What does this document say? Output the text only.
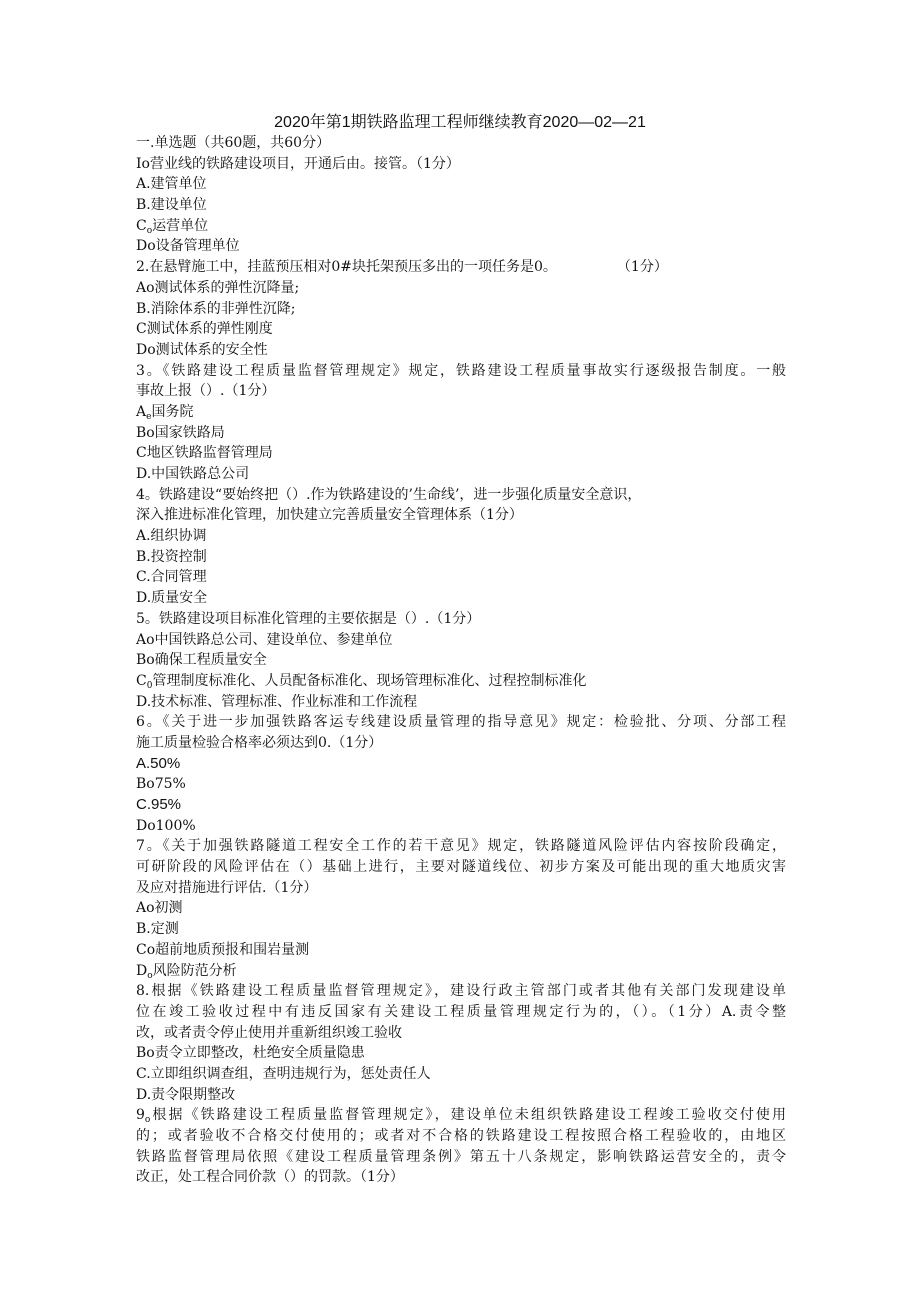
2020年第1期铁路监理工程师继续教育2020—02—21
一.单选题（共60题，共60分）
Io营业线的铁路建设项目，开通后由。接管。（1分）
A.建管单位
B.建设单位
$C_o$运营单位
Do设备管理单位
2.在悬臂施工中，挂蓝预压相对0#块托架预压多出的一项任务是0。	（1分）
Ao测试体系的弹性沉降量;
B.消除体系的非弹性沉降;
C测试体系的弹性刚度
Do测试体系的安全性
3。《铁路建设工程质量监督管理规定》规定，铁路建设工程质量事故实行逐级报告制度。一般
事故上报（）.（1分）
$A_e$国务院
Bo国家铁路局
C地区铁路监督管理局
D.中国铁路总公司
4。铁路建设“要始终把（）.作为铁路建设的’生命线’，进一步强化质量安全意识，
深入推进标准化管理，加快建立完善质量安全管理体系（1分）
A.组织协调
B.投资控制
C.合同管理
D.质量安全
5。铁路建设项目标准化管理的主要依据是（）.（1分）
Ao中国铁路总公司、建设单位、参建单位
Bo确保工程质量安全
$C_0$管理制度标准化、人员配备标准化、现场管理标准化、过程控制标准化
D.技术标准、管理标准、作业标准和工作流程
6。《关于进一步加强铁路客运专线建设质量管理的指导意见》规定：检验批、分项、分部工程
施工质量检验合格率必须达到0.（1分）
A.50%
Bo75%
C.95%
Do100%
7。《关于加强铁路隧道工程安全工作的若干意见》规定，铁路隧道风险评估内容按阶段确定，
可研阶段的风险评估在（）基础上进行，主要对隧道线位、初步方案及可能出现的重大地质灾害
及应对措施进行评估.（1分）
Ao初测
B.定测
Co超前地质预报和围岩量测
$D_o$风险防范分析
8.根据《铁路建设工程质量监督管理规定》，建设行政主管部门或者其他有关部门发现建设单
位在竣工验收过程中有违反国家有关建设工程质量管理规定行为的，（）。（1分）A.责令整
改，或者责令停止使用并重新组织竣工验收
Bo责令立即整改，杜绝安全质量隐患
C.立即组织调查组，查明违规行为，惩处责任人
D.责令限期整改
$9_o$根据《铁路建设工程质量监督管理规定》，建设单位未组织铁路建设工程竣工验收交付使用
的；或者验收不合格交付使用的；或者对不合格的铁路建设工程按照合格工程验收的，由地区
铁路监督管理局依照《建设工程质量管理条例》第五十八条规定，影响铁路运营安全的，责令
改正，处工程合同价款（）的罚款。（1分）
